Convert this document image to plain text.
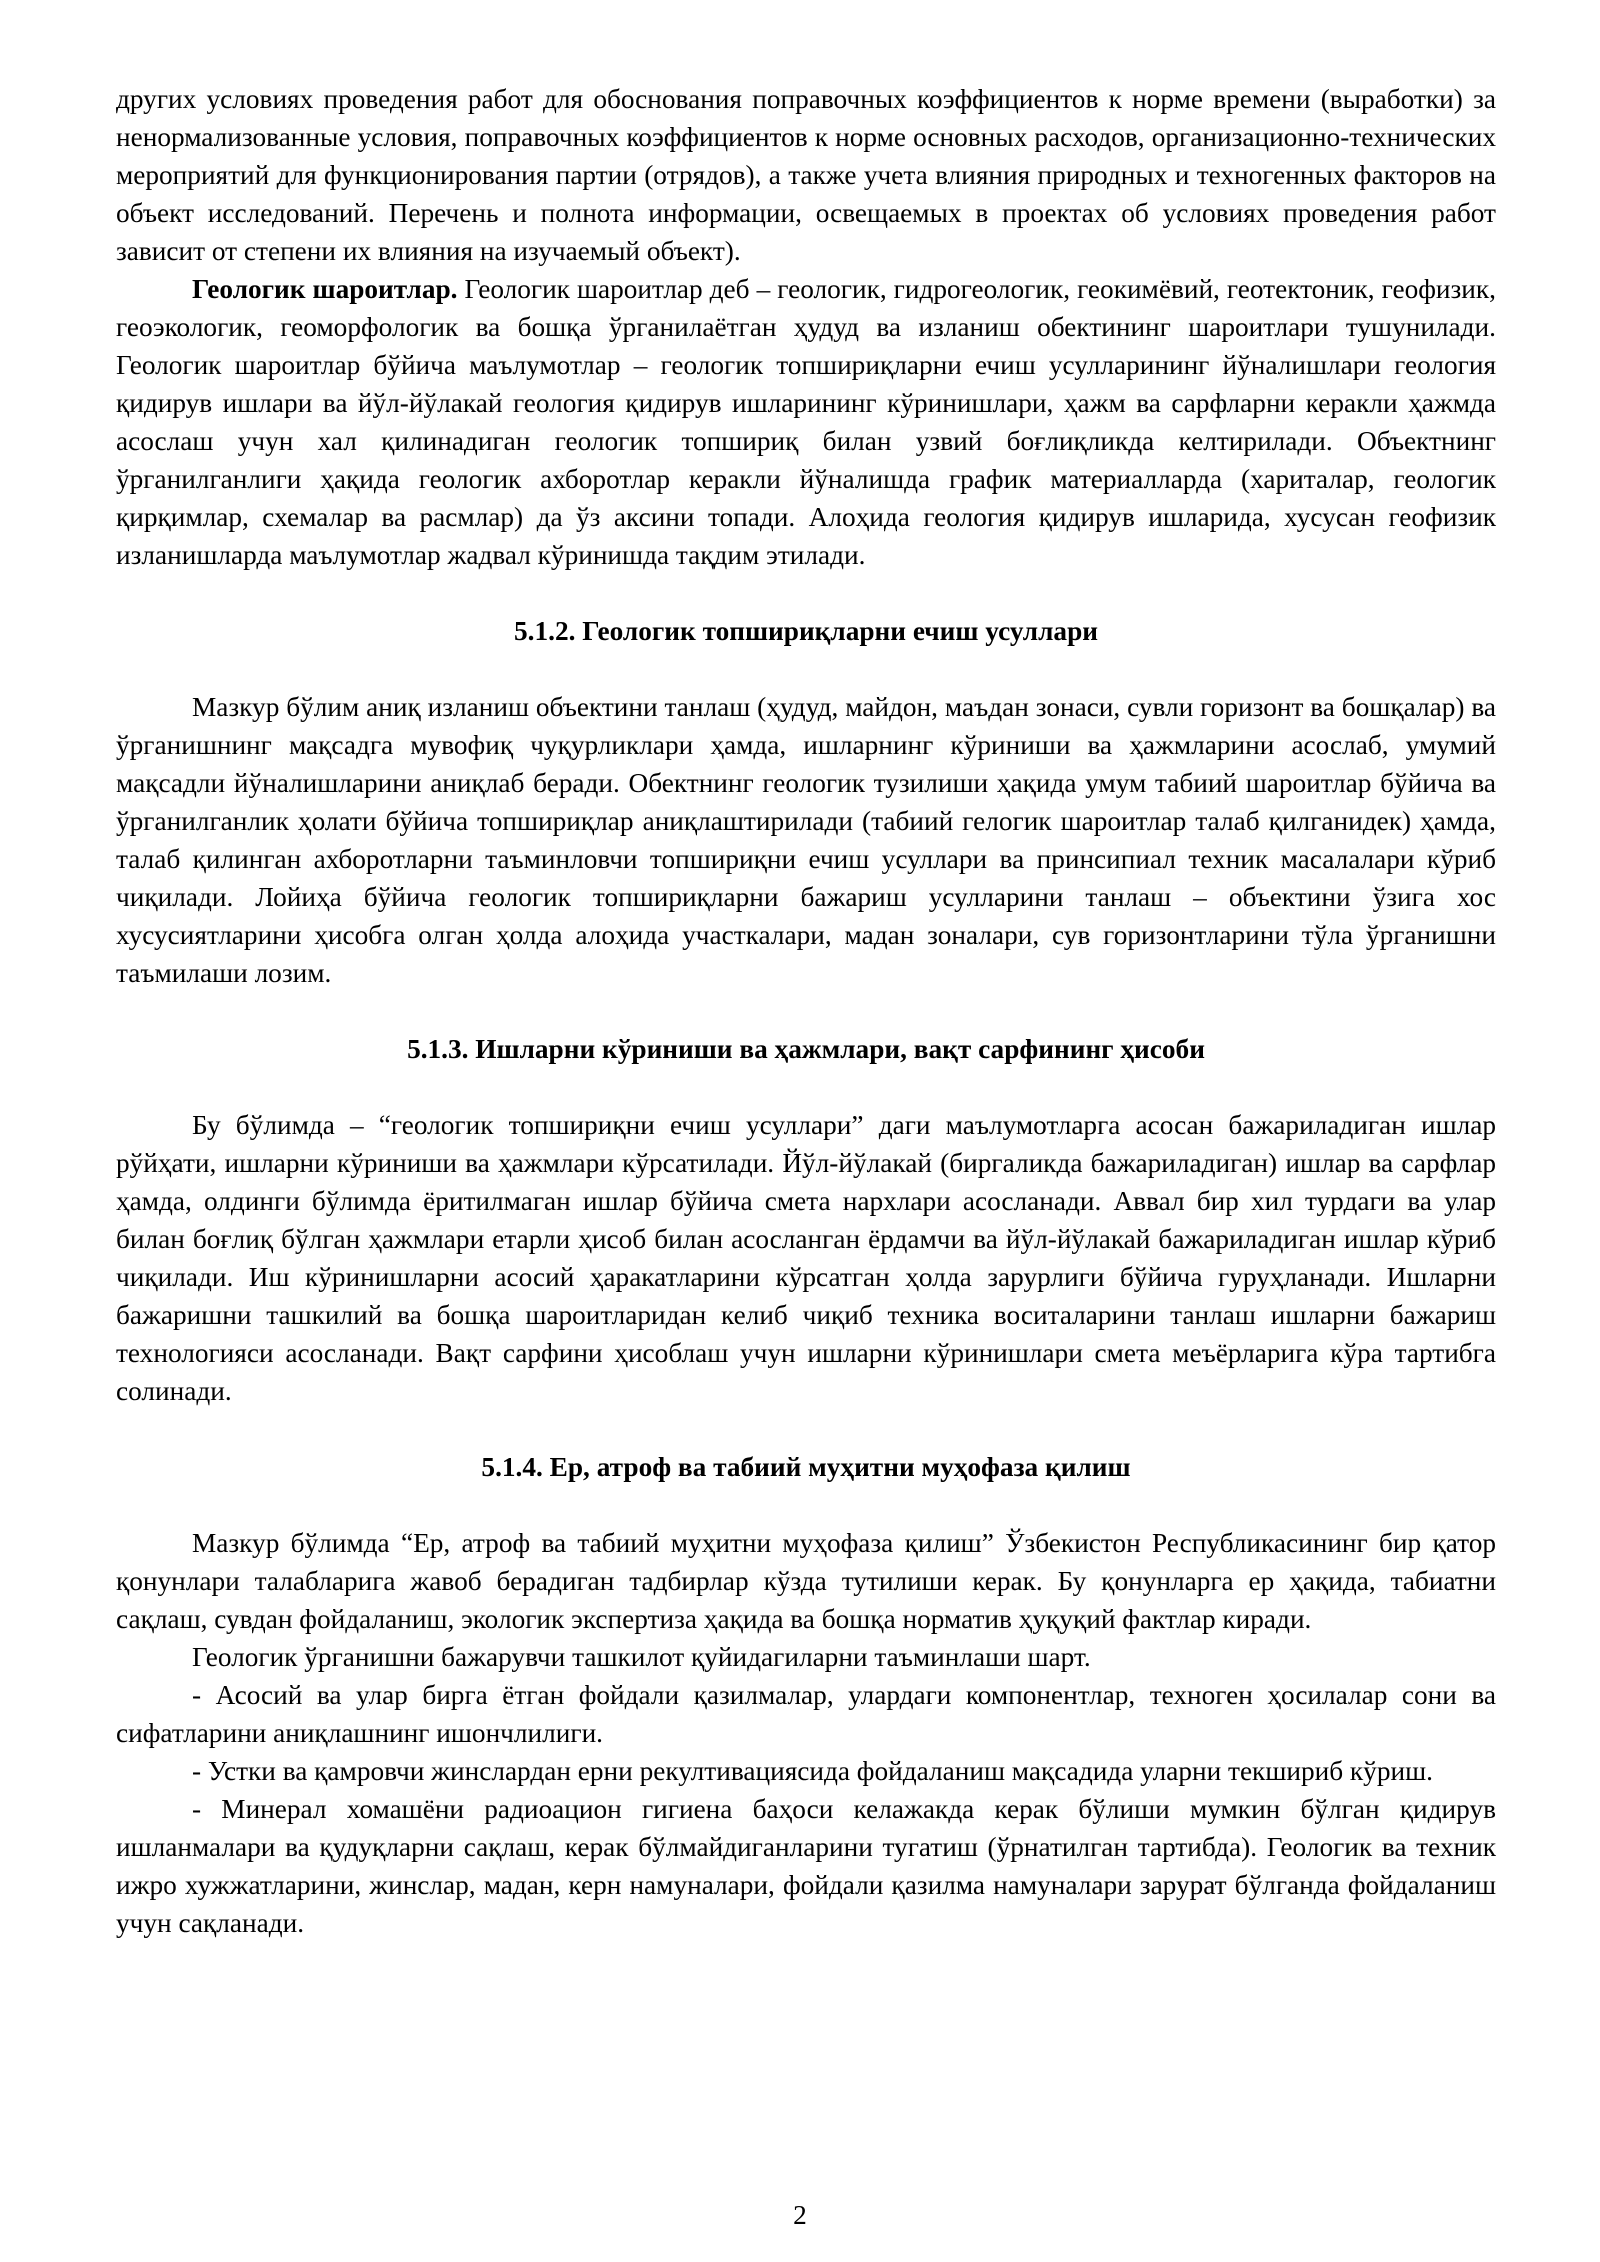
других условиях проведения работ для обоснования поправочных коэффициентов к норме времени (выработки) за ненормализованные условия, поправочных коэффициентов к норме основных расходов, организационно-технических мероприятий для функционирования партии (отрядов), а также учета влияния природных и техногенных факторов на объект исследований. Перечень и полнота информации, освещаемых в проектах об условиях проведения работ зависит от степени их влияния на изучаемый объект).

Геологик шароитлар. Геологик шароитлар деб – геологик, гидрогеологик, геокимёвий, геотектоник, геофизик, геоэкологик, геоморфологик ва бошқа ўрганилаётган ҳудуд ва изланиш обектининг шароитлари тушунилади. Геологик шароитлар бўйича маълумотлар – геологик топшириқларни ечиш усулларининг йўналишлари геология қидирув ишлари ва йўл-йўлакай геология қидирув ишларининг кўринишлари, ҳажм ва сарфларни керакли ҳажмда асослаш учун хал қилинадиган геологик топшириқ билан узвий боғлиқликда келтирилади. Объектнинг ўрганилганлиги ҳақида геологик ахборотлар керакли йўналишда график материалларда (хариталар, геологик қирқимлар, схемалар ва расмлар) да ўз аксини топади. Алоҳида геология қидирув ишларида, хусусан геофизик изланишларда маълумотлар жадвал кўринишда тақдим этилади.

5.1.2. Геологик топшириқларни ечиш усуллари

Мазкур бўлим аниқ изланиш объектини танлаш (ҳудуд, майдон, маъдан зонаси, сувли горизонт ва бошқалар) ва ўрганишнинг мақсадга мувофиқ чуқурликлари ҳамда, ишларнинг кўриниши ва ҳажмларини асослаб, умумий мақсадли йўналишларини аниқлаб беради. Обектнинг геологик тузилиши ҳақида умум табиий шароитлар бўйича ва ўрганилганлик ҳолати бўйича топшириқлар аниқлаштирилади (табиий гелогик шароитлар талаб қилганидек) ҳамда, талаб қилинган ахборотларни таъминловчи топшириқни ечиш усуллари ва принсипиал техник масалалари кўриб чиқилади. Лойиҳа бўйича геологик топшириқларни бажариш усулларини танлаш – объектини ўзига хос хусусиятларини ҳисобга олган ҳолда алоҳида участкалари, мадан зоналари, сув горизонтларини тўла ўрганишни таъмилаши лозим.

5.1.3. Ишларни кўриниши ва ҳажмлари, вақт сарфининг ҳисоби

Бу бўлимда – “геологик топшириқни ечиш усуллари” даги маълумотларга асосан бажариладиган ишлар рўйҳати, ишларни кўриниши ва ҳажмлари кўрсатилади. Йўл-йўлакай (биргаликда бажариладиган) ишлар ва сарфлар ҳамда, олдинги бўлимда ёритилмаган ишлар бўйича смета нархлари асосланади. Аввал бир хил турдаги ва улар билан боғлиқ бўлган ҳажмлари етарли ҳисоб билан асосланган ёрдамчи ва йўл-йўлакай бажариладиган ишлар кўриб чиқилади. Иш кўринишларни асосий ҳаракатларини кўрсатган ҳолда зарурлиги бўйича гуруҳланади. Ишларни бажаришни ташкилий ва бошқа шароитларидан келиб чиқиб техника воситаларини танлаш ишларни бажариш технологияси асосланади. Вақт сарфини ҳисоблаш учун ишларни кўринишлари смета меъёрларига кўра тартибга солинади.

5.1.4. Ер, атроф ва табиий муҳитни муҳофаза қилиш

Мазкур бўлимда “Ер, атроф ва табиий муҳитни муҳофаза қилиш” Ўзбекистон Республикасининг бир қатор қонунлари талабларига жавоб берадиган тадбирлар кўзда тутилиши керак. Бу қонунларга ер ҳақида, табиатни сақлаш, сувдан фойдаланиш, экологик экспертиза ҳақида ва бошқа норматив ҳуқуқий фактлар киради.

Геологик ўрганишни бажарувчи ташкилот қуйидагиларни таъминлаши шарт.

- Асосий ва улар бирга ётган фойдали қазилмалар, улардаги компонентлар, техноген ҳосилалар сони ва сифатларини аниқлашнинг ишончлилиги.

- Устки ва қамровчи жинслардан ерни рекултивациясида фойдаланиш мақсадида уларни текшириб кўриш.

- Минерал хомашёни радиоацион гигиена баҳоси келажакда керак бўлиши мумкин бўлган қидирув ишланмалари ва қудуқларни сақлаш, керак бўлмайдиганларини тугатиш (ўрнатилган тартибда). Геологик ва техник ижро хужжатларини, жинслар, мадан, керн намуналари, фойдали қазилма намуналари зарурат бўлганда фойдаланиш учун сақланади.

2
